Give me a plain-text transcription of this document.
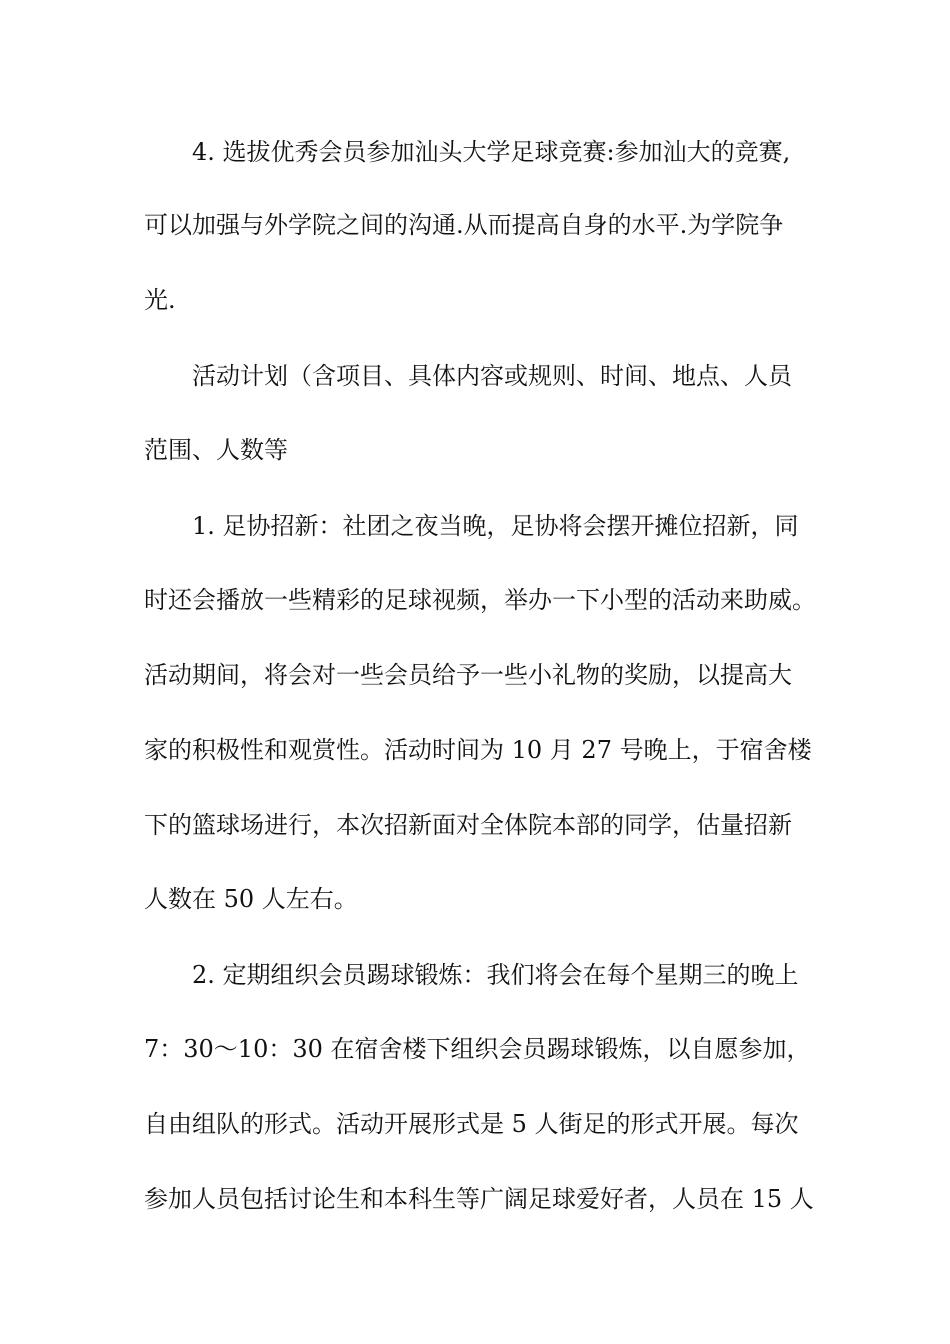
4. 选拔优秀会员参加汕头大学足球竞赛:参加汕大的竞赛,

可以加强与外学院之间的沟通.从而提高自身的水平.为学院争

光.

活动计划（含项目、具体内容或规则、时间、地点、人员

范围、人数等

1. 足协招新：社团之夜当晚，足协将会摆开摊位招新，同

时还会播放一些精彩的足球视频，举办一下小型的活动来助威。

活动期间，将会对一些会员给予一些小礼物的奖励，以提高大

家的积极性和观赏性。活动时间为 10 月 27 号晚上，于宿舍楼

下的篮球场进行，本次招新面对全体院本部的同学，估量招新

人数在 50 人左右。

2. 定期组织会员踢球锻炼：我们将会在每个星期三的晚上

7：30～10：30 在宿舍楼下组织会员踢球锻炼，以自愿参加，

自由组队的形式。活动开展形式是 5 人街足的形式开展。每次

参加人员包括讨论生和本科生等广阔足球爱好者，人员在 15 人
